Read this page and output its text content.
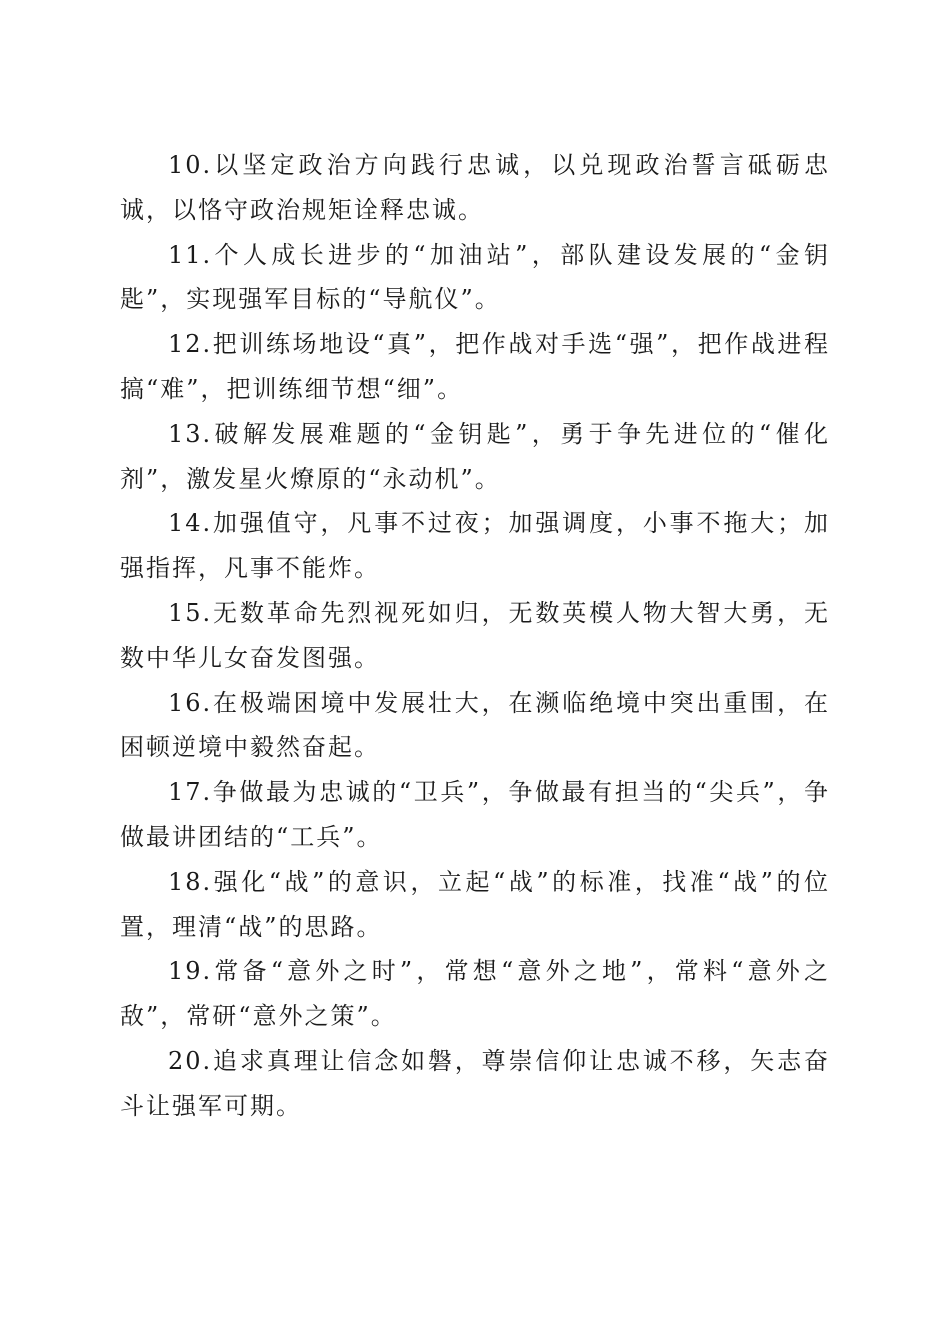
10.以坚定政治方向践行忠诚，以兑现政治誓言砥砺忠诚，以恪守政治规矩诠释忠诚。

11.个人成长进步的“加油站”，部队建设发展的“金钥匙”，实现强军目标的“导航仪”。

12.把训练场地设“真”，把作战对手选“强”，把作战进程搞“难”，把训练细节想“细”。

13.破解发展难题的“金钥匙”，勇于争先进位的“催化剂”，激发星火燎原的“永动机”。

14.加强值守，凡事不过夜；加强调度，小事不拖大；加强指挥，凡事不能炸。

15.无数革命先烈视死如归，无数英模人物大智大勇，无数中华儿女奋发图强。

16.在极端困境中发展壮大，在濒临绝境中突出重围，在困顿逆境中毅然奋起。

17.争做最为忠诚的“卫兵”，争做最有担当的“尖兵”，争做最讲团结的“工兵”。

18.强化“战”的意识，立起“战”的标准，找准“战”的位置，理清“战”的思路。

19.常备“意外之时”，常想“意外之地”，常料“意外之敌”，常研“意外之策”。

20.追求真理让信念如磐，尊崇信仰让忠诚不移，矢志奋斗让强军可期。
